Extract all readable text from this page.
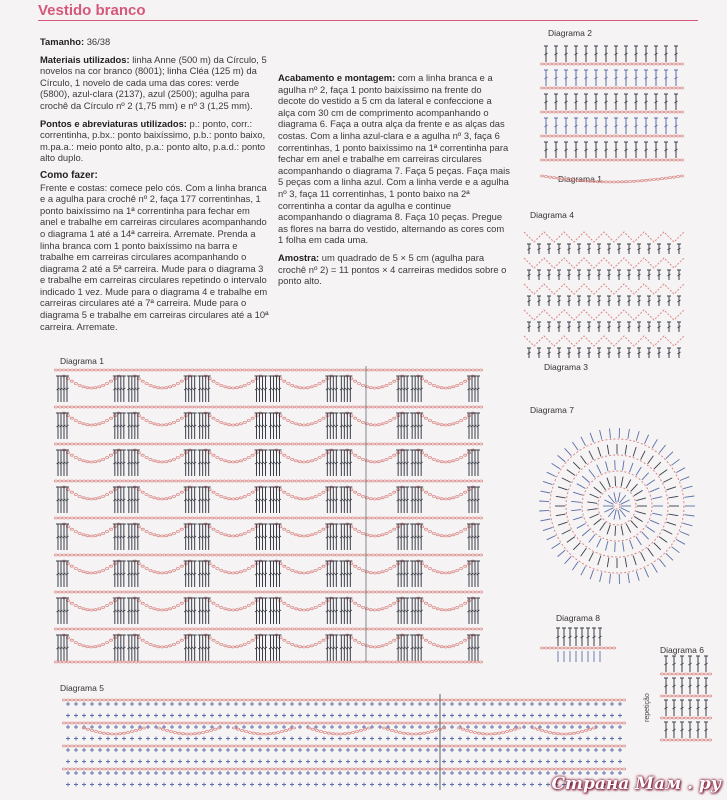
Vestido branco

Tamanho: 36/38

Materiais utilizados: linha Anne (500 m) da Círculo, 5 novelos na cor branco (8001); linha Cléa (125 m) da Círculo, 1 novelo de cada uma das cores: verde (5800), azul-clara (2137), azul (2500); agulha para crochê da Círculo nº 2 (1,75 mm) e nº 3 (1,25 mm).

Pontos e abreviaturas utilizados: p.: ponto, corr.: correntinha, p.bx.: ponto baixíssimo, p.b.: ponto baixo, m.pa.a.: meio ponto alto, p.a.: ponto alto, p.a.d.: ponto alto duplo.

Como fazer:
Frente e costas: comece pelo cós. Com a linha branca e a agulha para crochê nº 2, faça 177 correntinhas, 1 ponto baixíssimo na 1ª correntinha para fechar em anel e trabalhe em carreiras circulares acompanhando o diagrama 1 até a 14ª carreira. Arremate. Prenda a linha branca com 1 ponto baixíssimo na barra e trabalhe em carreiras circulares acompanhando o diagrama 2 até a 5ª carreira. Mude para o diagrama 3 e trabalhe em carreiras circulares repetindo o intervalo indicado 1 vez. Mude para o diagrama 4 e trabalhe em carreiras circulares até a 7ª carreira. Mude para o diagrama 5 e trabalhe em carreiras circulares até a 10ª carreira. Arremate.

Acabamento e montagem: com a linha branca e a agulha nº 2, faça 1 ponto baixíssimo na frente do decote do vestido a 5 cm da lateral e confeccione a alça com 30 cm de comprimento acompanhando o diagrama 6. Faça a outra alça da frente e as alças das costas. Com a linha azul-clara e a agulha nº 3, faça 6 correntinhas, 1 ponto baixíssimo na 1ª correntinha para fechar em anel e trabalhe em carreiras circulares acompanhando o diagrama 7. Faça 5 peças. Faça mais 5 peças com a linha azul. Com a linha verde e a agulha nº 3, faça 11 correntinhas, 1 ponto baixo na 2ª correntinha a contar da agulha e continue acompanhando o diagrama 8. Faça 10 peças. Pregue as flores na barra do vestido, alternando as cores com 1 folha em cada uma.

Amostra: um quadrado de 5 × 5 cm (agulha para crochê nº 2) = 11 pontos × 4 carreiras medidos sobre o ponto alto.

Diagrama 1
Diagrama 2
Diagrama 1
Diagrama 4
Diagrama 3
Diagrama 7
Diagrama 8
Diagrama 6
Diagrama 5
repetição
Страна Мам . ру
